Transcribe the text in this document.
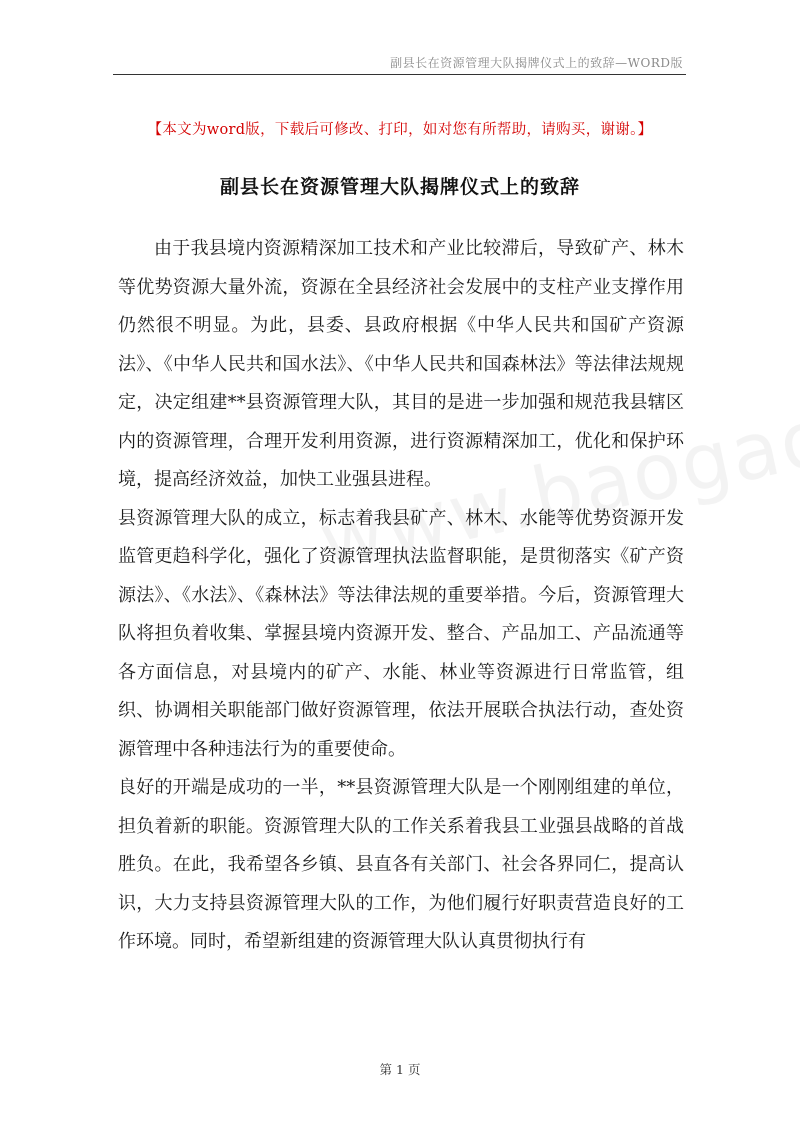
副县长在资源管理大队揭牌仪式上的致辞—WORD版
【本文为word版，下载后可修改、打印，如对您有所帮助，请购买，谢谢。】
副县长在资源管理大队揭牌仪式上的致辞

由于我县境内资源精深加工技术和产业比较滞后，导致矿产、林木等优势资源大量外流，资源在全县经济社会发展中的支柱产业支撑作用仍然很不明显。为此，县委、县政府根据《中华人民共和国矿产资源法》、《中华人民共和国水法》、《中华人民共和国森林法》等法律法规规定，决定组建**县资源管理大队，其目的是进一步加强和规范我县辖区内的资源管理，合理开发利用资源，进行资源精深加工，优化和保护环境，提高经济效益，加快工业强县进程。

县资源管理大队的成立，标志着我县矿产、林木、水能等优势资源开发监管更趋科学化，强化了资源管理执法监督职能，是贯彻落实《矿产资源法》、《水法》、《森林法》等法律法规的重要举措。今后，资源管理大队将担负着收集、掌握县境内资源开发、整合、产品加工、产品流通等各方面信息，对县境内的矿产、水能、林业等资源进行日常监管，组织、协调相关职能部门做好资源管理，依法开展联合执法行动，查处资源管理中各种违法行为的重要使命。

良好的开端是成功的一半，**县资源管理大队是一个刚刚组建的单位，担负着新的职能。资源管理大队的工作关系着我县工业强县战略的首战胜负。在此，我希望各乡镇、县直各有关部门、社会各界同仁，提高认识，大力支持县资源管理大队的工作，为他们履行好职责营造良好的工作环境。同时，希望新组建的资源管理大队认真贯彻执行有

第 1 页
